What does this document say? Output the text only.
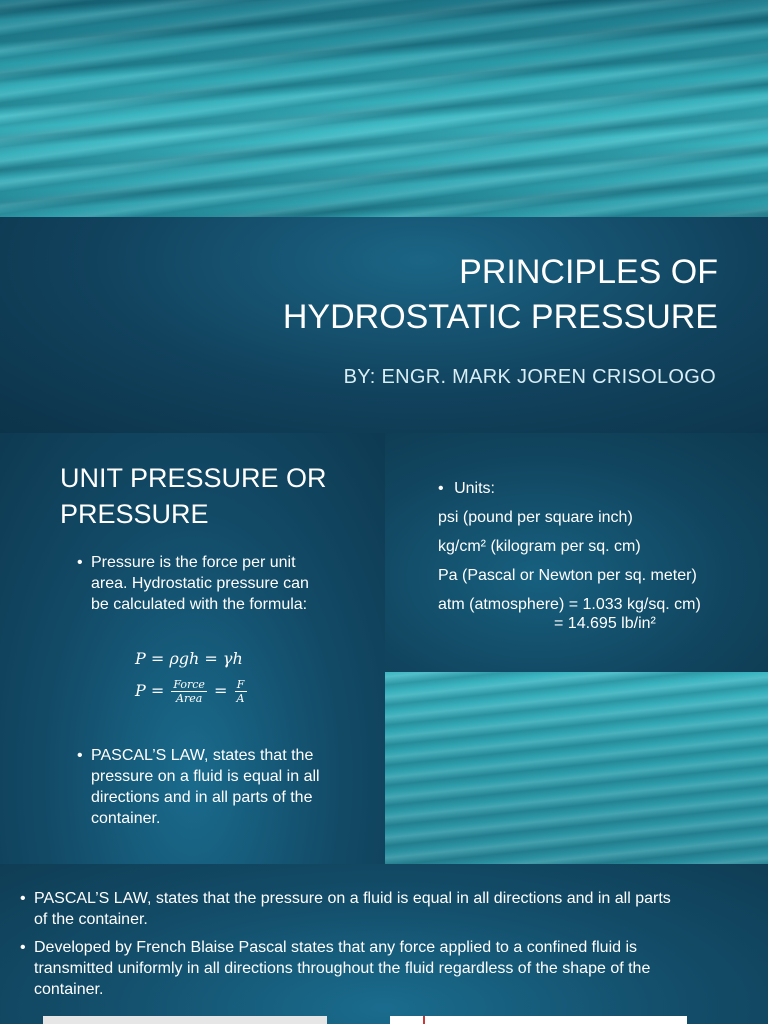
PRINCIPLES OF
HYDROSTATIC PRESSURE
BY: ENGR. MARK JOREN CRISOLOGO
UNIT PRESSURE OR
PRESSURE
• Pressure is the force per unit
area. Hydrostatic pressure can
be calculated with the formula:
P = ρgh = γh
$P = \frac{\text{Force}}{\text{Area}} = \frac{F}{A}$
• PASCAL’S LAW, states that the
pressure on a fluid is equal in all
directions and in all parts of the
container.
• Units:
psi (pound per square inch)
kg/cm² (kilogram per sq. cm)
Pa (Pascal or Newton per sq. meter)
atm (atmosphere) = 1.033 kg/sq. cm)
= 14.695 lb/in²
• PASCAL’S LAW, states that the pressure on a fluid is equal in all directions and in all parts
of the container.
• Developed by French Blaise Pascal states that any force applied to a confined fluid is
transmitted uniformly in all directions throughout the fluid regardless of the shape of the
container.
